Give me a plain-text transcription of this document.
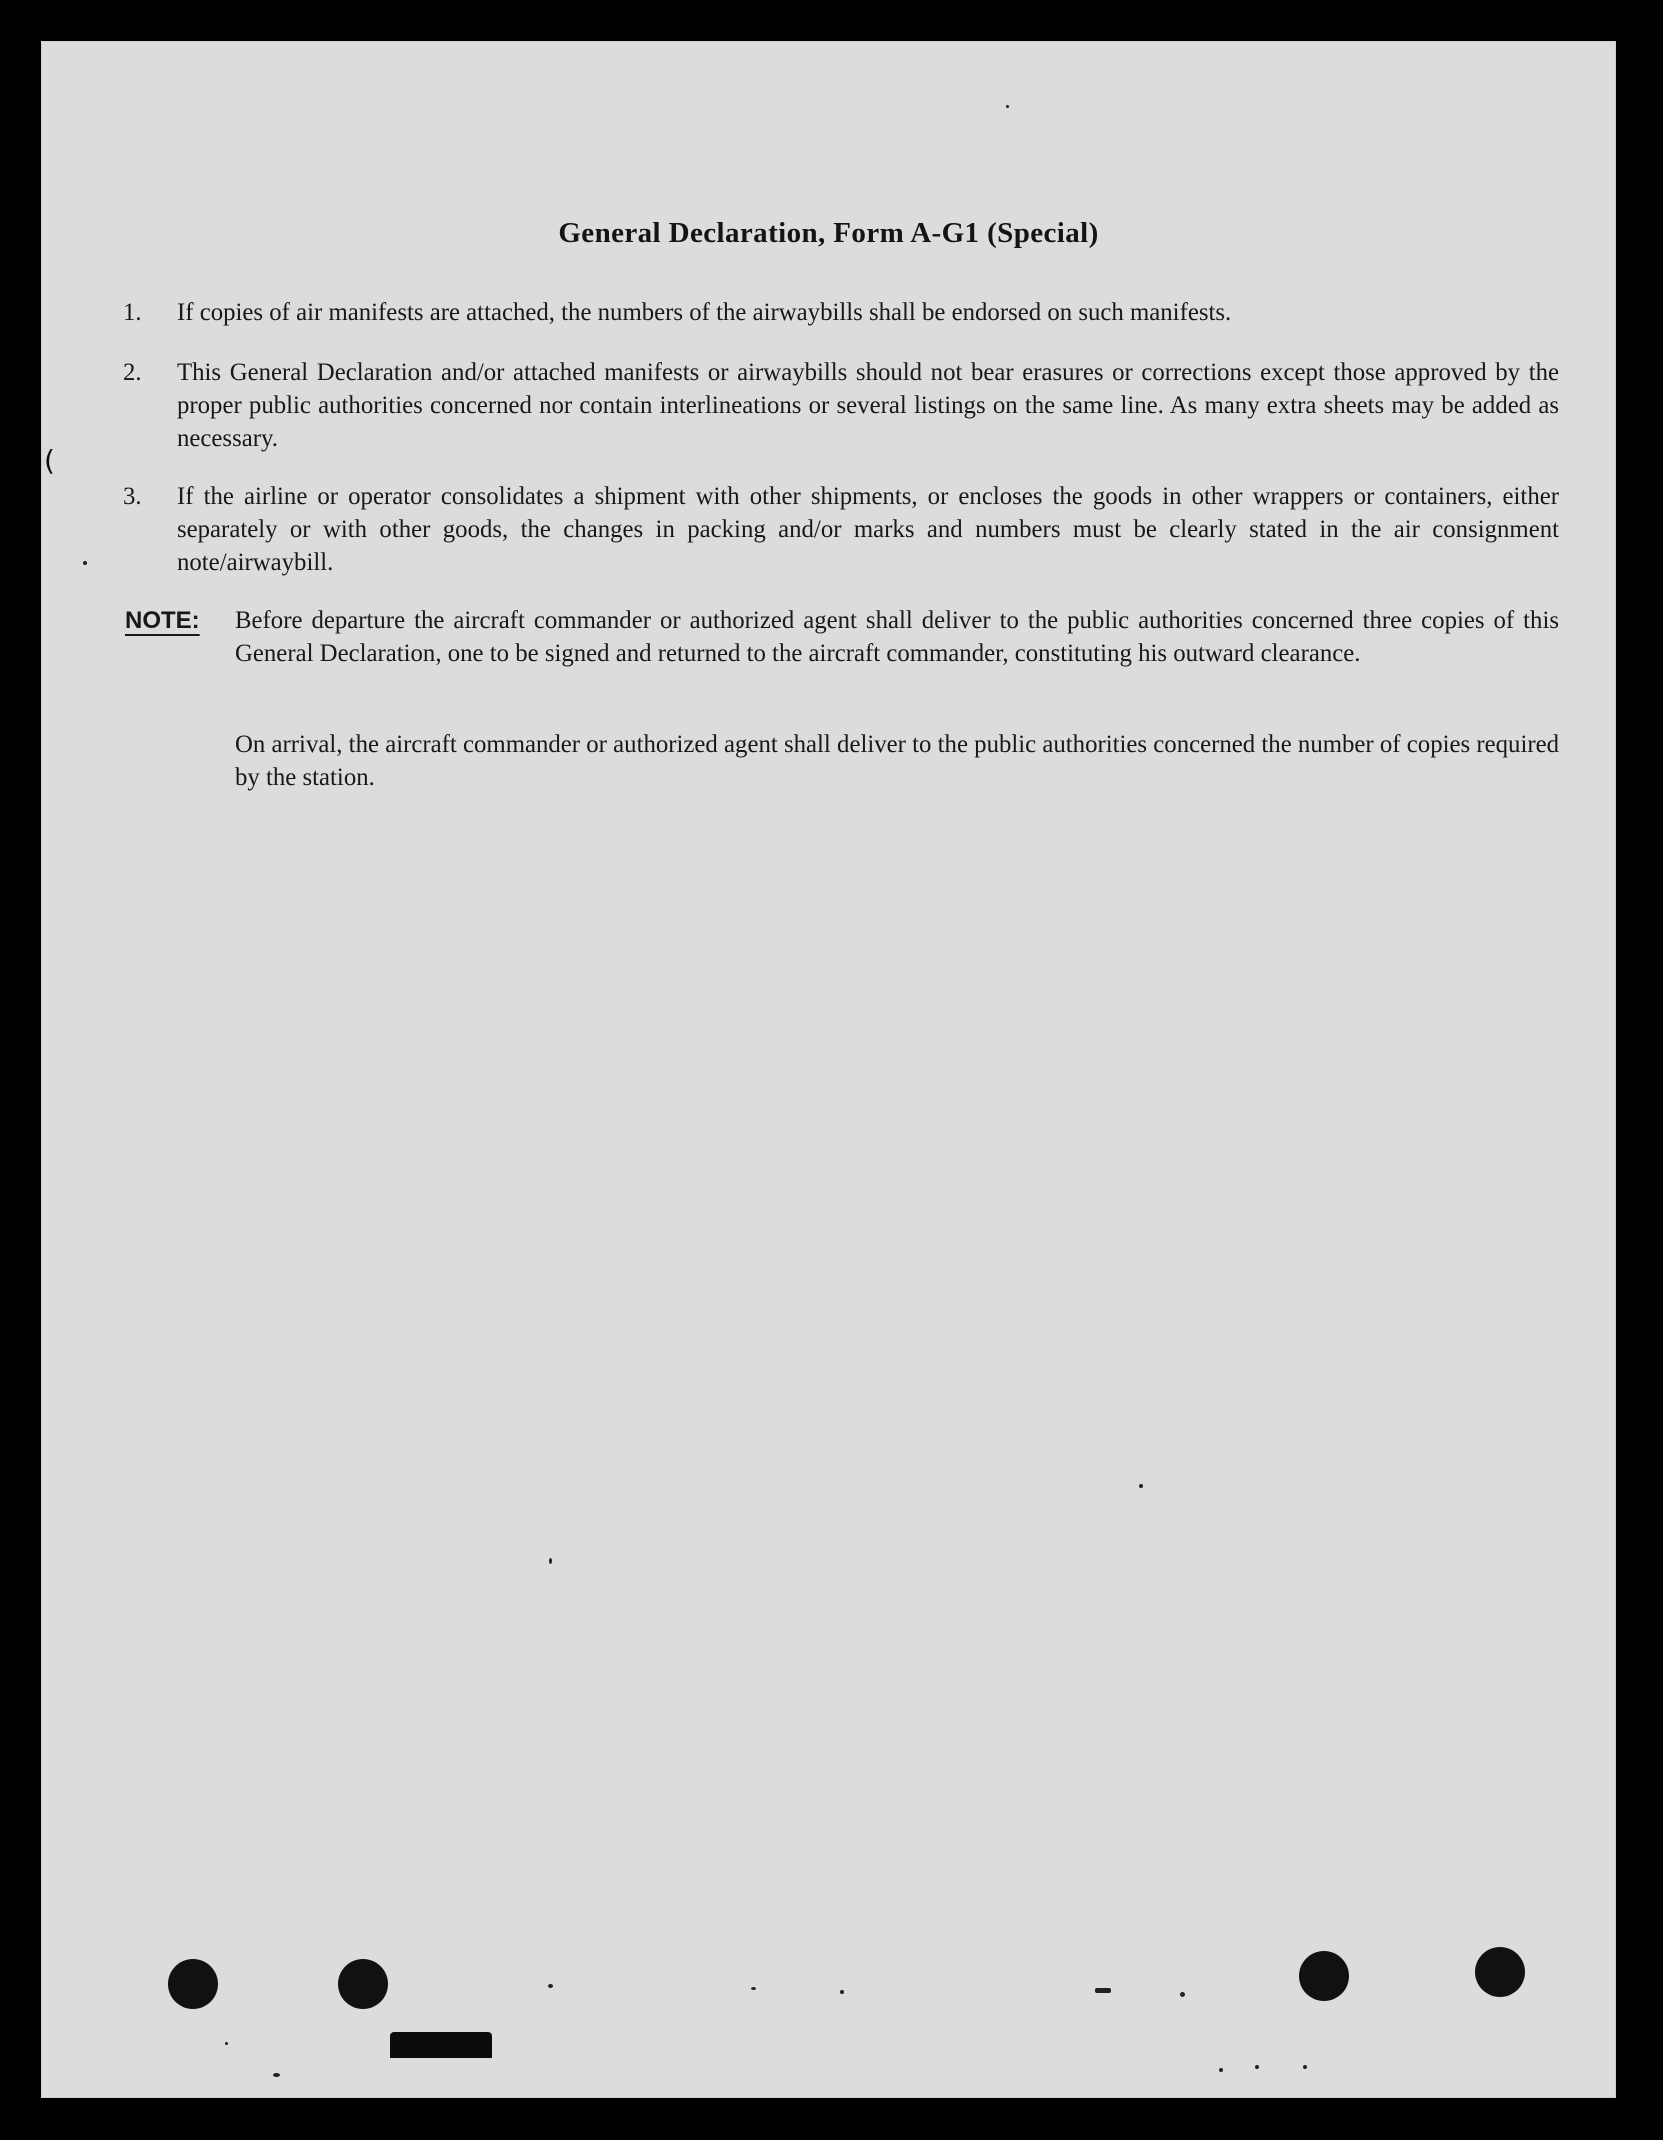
General Declaration, Form A-G1 (Special)
1.	If copies of air manifests are attached, the numbers of the airwaybills shall be endorsed on such manifests.
2.	This General Declaration and/or attached manifests or airwaybills should not bear erasures or corrections except those approved by the proper public authorities concerned nor contain interlineations or several listings on the same line. As many extra sheets may be added as necessary.
3.	If the airline or operator consolidates a shipment with other shipments, or encloses the goods in other wrappers or containers, either separately or with other goods, the changes in packing and/or marks and numbers must be clearly stated in the air consignment note/airwaybill.
NOTE: Before departure the aircraft commander or authorized agent shall deliver to the public authorities concerned three copies of this General Declaration, one to be signed and returned to the aircraft commander, constituting his outward clearance.
On arrival, the aircraft commander or authorized agent shall deliver to the public authorities concerned the number of copies required by the station.
(
